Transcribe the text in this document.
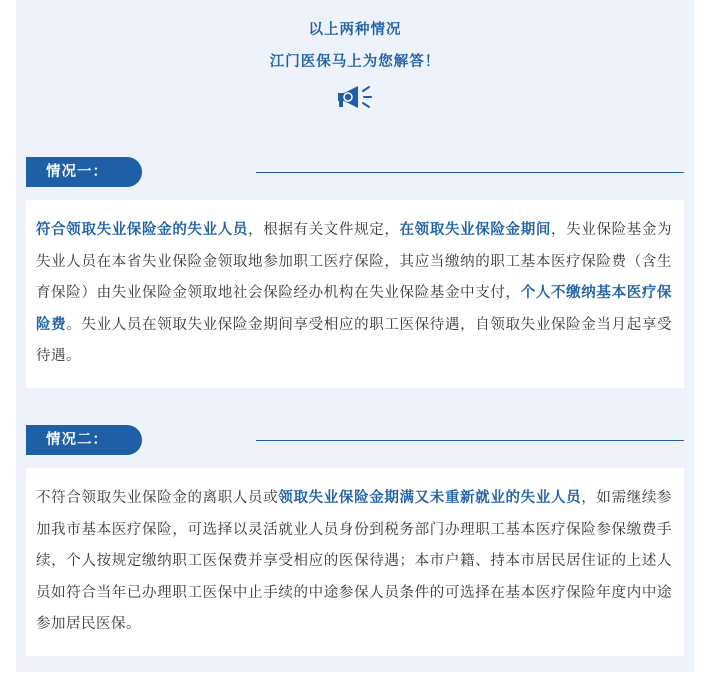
以上两种情况
江门医保马上为您解答！
情况一：
符合领取失业保险金的失业人员，根据有关文件规定，在领取失业保险金期间，失业保险基金为失业人员在本省失业保险金领取地参加职工医疗保险，其应当缴纳的职工基本医疗保险费（含生育保险）由失业保险金领取地社会保险经办机构在失业保险基金中支付，个人不缴纳基本医疗保险费。失业人员在领取失业保险金期间享受相应的职工医保待遇，自领取失业保险金当月起享受待遇。
情况二：
不符合领取失业保险金的离职人员或领取失业保险金期满又未重新就业的失业人员，如需继续参加我市基本医疗保险，可选择以灵活就业人员身份到税务部门办理职工基本医疗保险参保缴费手续，个人按规定缴纳职工医保费并享受相应的医保待遇；本市户籍、持本市居民居住证的上述人员如符合当年已办理职工医保中止手续的中途参保人员条件的可选择在基本医疗保险年度内中途参加居民医保。
